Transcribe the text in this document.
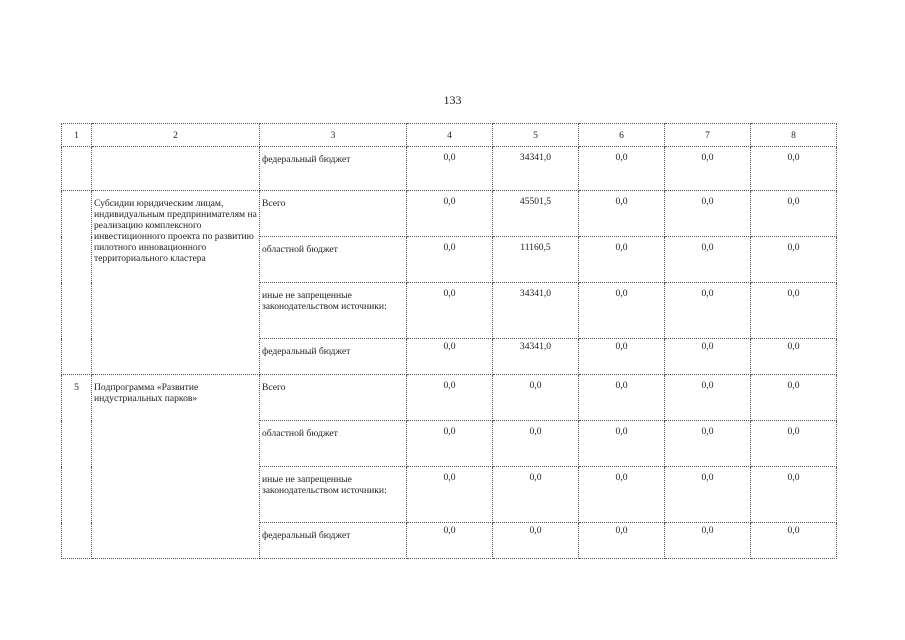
133
1	2	3	4	5	6	7	8
		федеральный бюджет	0,0	34341,0	0,0	0,0	0,0

	Субсидии юридическим лицам, индивидуальным предпринимателям на реализацию комплексного инвестиционного проекта по развитию пилотного инновационного территориального кластера	Всего	0,0	45501,5	0,0	0,0	0,0

		областной бюджет	0,0	11160,5	0,0	0,0	0,0

		иные не запрещенные законодательством источники:	0,0	34341,0	0,0	0,0	0,0

		федеральный бюджет	0,0	34341,0	0,0	0,0	0,0

5	Подпрограмма «Развитие индустриальных парков»	Всего	0,0	0,0	0,0	0,0	0,0

		областной бюджет	0,0	0,0	0,0	0,0	0,0

		иные не запрещенные законодательством источники:	0,0	0,0	0,0	0,0	0,0

		федеральный бюджет	0,0	0,0	0,0	0,0	0,0
